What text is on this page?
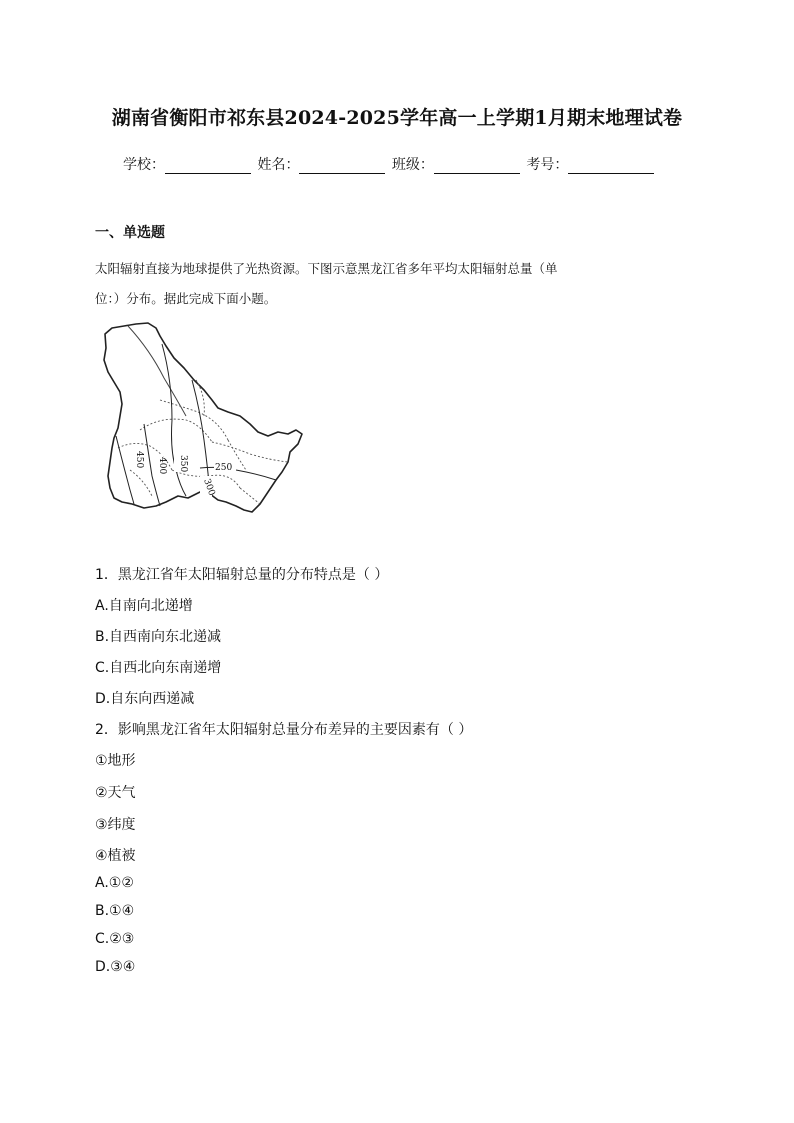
湖南省衡阳市祁东县2024-2025学年高一上学期1月期末地理试卷
学校：	姓名：	班级：	考号：
一、单选题
太阳辐射直接为地球提供了光热资源。下图示意黑龙江省多年平均太阳辐射总量（单
位：）分布。据此完成下面小题。
450 400 350
300
250
1．黑龙江省年太阳辐射总量的分布特点是（ ）
A.自南向北递增
B.自西南向东北递减
C.自西北向东南递增
D.自东向西递减
2．影响黑龙江省年太阳辐射总量分布差异的主要因素有（ ）
①地形
②天气
③纬度
④植被
A.①②
B.①④
C.②③
D.③④
